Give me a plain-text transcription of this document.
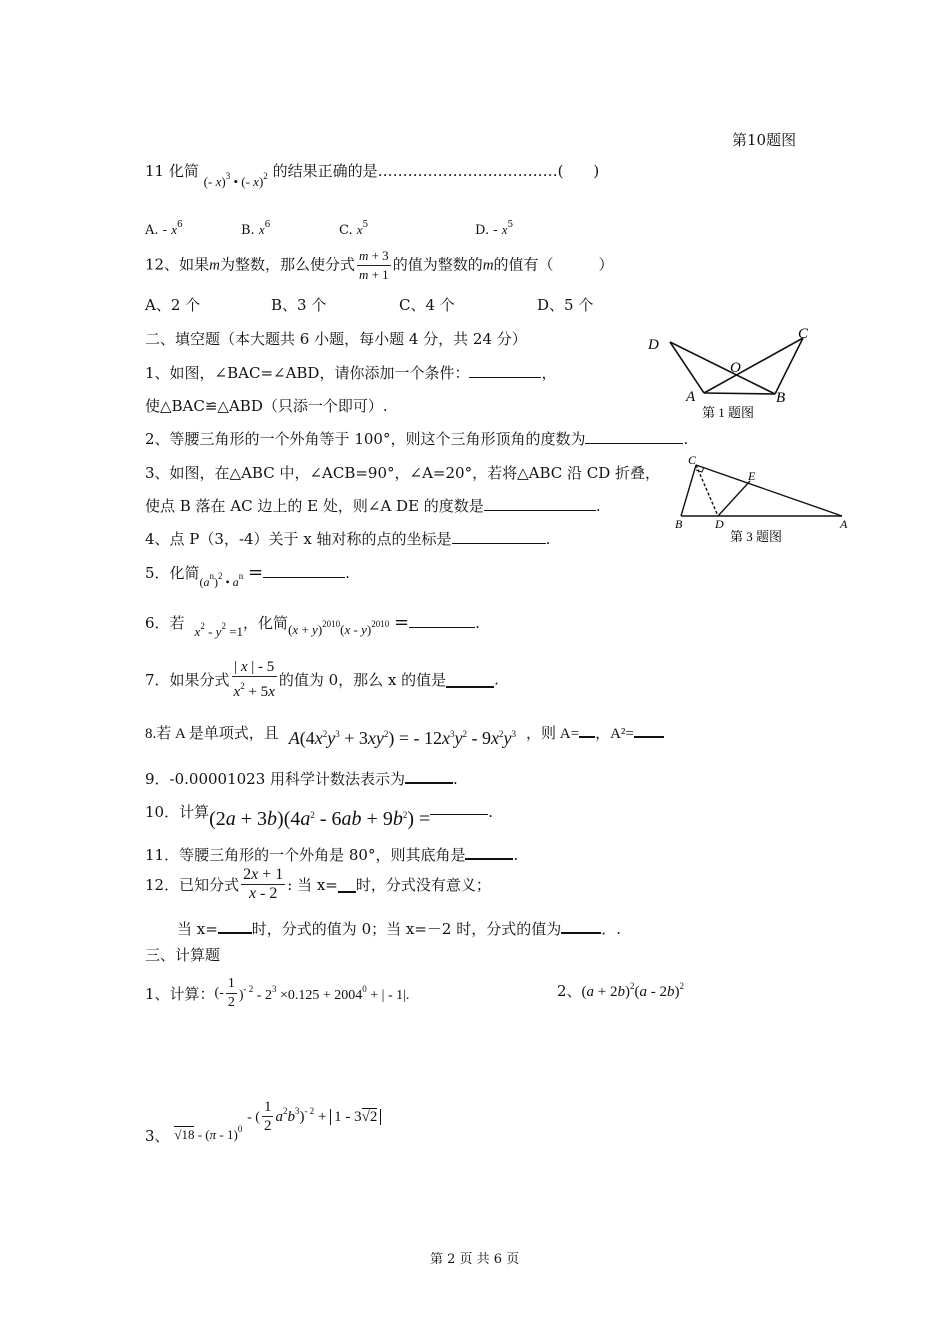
第10题图
11 化简 (- x)$^3$ • (- x)$^2$ 的结果正确的是………………………………(　　)
A. - $x^6$	B. $x^6$	C. $x^5$	D. - $x^5$
12、如果m为整数，那么使分式 $\frac{m + 3}{m + 1}$ 的值为整数的m的值有（　　　）
A、2 个	B、3 个	C、4 个	D、5 个
二、填空题（本大题共 6 小题，每小题 4 分，共 24 分）
1、如图，∠BAC=∠ABD，请你添加一个条件：	，
使△BAC≌△ABD（只添一个即可）.
2、等腰三角形的一个外角等于 100°，则这个三角形顶角的度数为	.
3、如图，在△ABC 中，∠ACB=90°，∠A=20°，若将△ABC 沿 CD 折叠，
使点 B 落在 AC 边上的 E 处，则∠A DE 的度数是	.
4、点 P（3，-4）关于 x 轴对称的点的坐标是	.
5．化简$_{(a^n)^2 • a^n}$ =	.
6．若 $x^2 - y^2 =1$，化简$(x + y)^{2010}(x - y)^{2010}$ =	.
7．如果分式 $\frac{| x | - 5}{x^2 + 5x}$ 的值为 0，那么 x 的值是	.
8.若 A 是单项式，且 $A(4x^2y^3 + 3xy^2)$ = - $12x^3y^2 - 9x^2y^3$ ，则 A= ，A²=
9．-0.00001023 用科学计数法表示为	.
10．计算$(2a + 3b)(4a^2 - 6ab + 9b^2)$ =	.
11．等腰三角形的一个外角是 80°，则其底角是	.
12．已知分式 $\frac{2x + 1}{x - 2}$ : 当 x= 时，分式没有意义；
当 x= 时，分式的值为 0；当 x=－2 时，分式的值为	．.
三、计算题
1、计算：(- $\frac{1}{2} )^{- 2} - 2^3 \times 0.125 + 2004^0$ + | - 1|.	2、$(a + 2b)^2(a - 2b)^2$
3、 √18 - (π - 1)$^0$ - ( $\frac{1}{2} a^2b^3)^{- 2} + 1 - 3√2$
D
C
O
A	B
第 1 题图
C
E
B	D	A
第 3 题图
第 2 页 共 6 页
